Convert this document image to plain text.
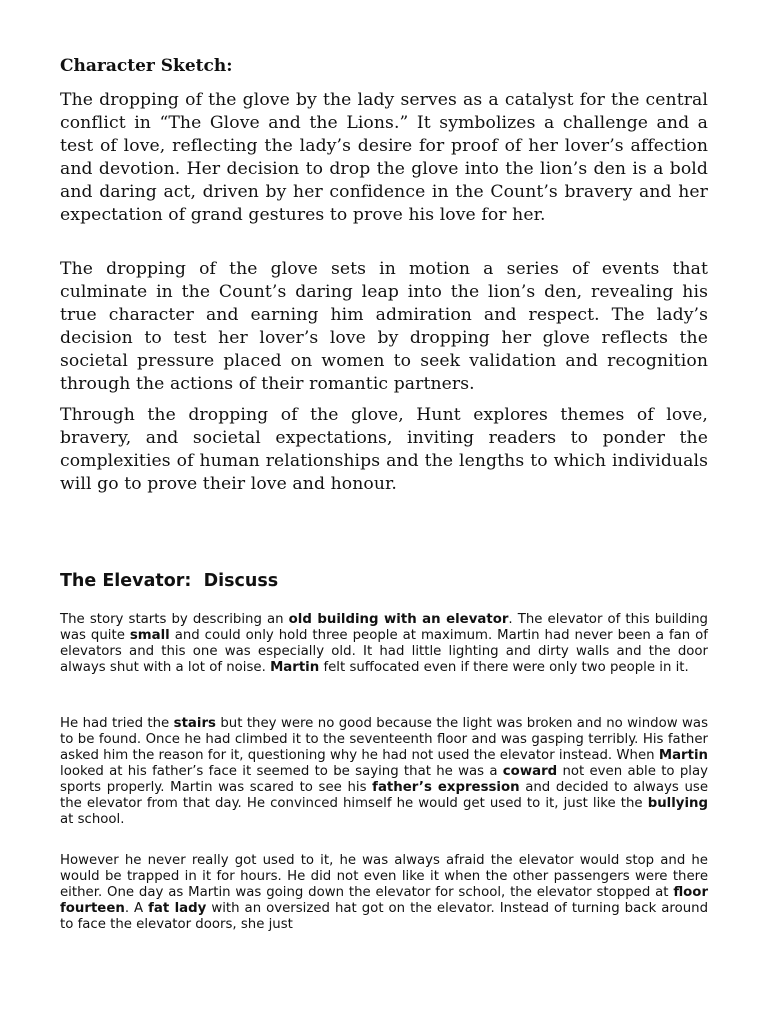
Character Sketch:

The dropping of the glove by the lady serves as a catalyst for the central conflict in “The Glove and the Lions.” It symbolizes a challenge and a test of love, reflecting the lady’s desire for proof of her lover’s affection and devotion. Her decision to drop the glove into the lion’s den is a bold and daring act, driven by her confidence in the Count’s bravery and her expectation of grand gestures to prove his love for her.

The dropping of the glove sets in motion a series of events that culminate in the Count’s daring leap into the lion’s den, revealing his true character and earning him admiration and respect. The lady’s decision to test her lover’s love by dropping her glove reflects the societal pressure placed on women to seek validation and recognition through the actions of their romantic partners.

Through the dropping of the glove, Hunt explores themes of love, bravery, and societal expectations, inviting readers to ponder the complexities of human relationships and the lengths to which individuals will go to prove their love and honour.

The Elevator:  Discuss

The story starts by describing an old building with an elevator. The elevator of this building was quite small and could only hold three people at maximum. Martin had never been a fan of elevators and this one was especially old. It had little lighting and dirty walls and the door always shut with a lot of noise. Martin felt suffocated even if there were only two people in it.

He had tried the stairs but they were no good because the light was broken and no window was to be found. Once he had climbed it to the seventeenth floor and was gasping terribly. His father asked him the reason for it, questioning why he had not used the elevator instead. When Martin looked at his father’s face it seemed to be saying that he was a coward not even able to play sports properly. Martin was scared to see his father’s expression and decided to always use the elevator from that day. He convinced himself he would get used to it, just like the bullying at school.

However he never really got used to it, he was always afraid the elevator would stop and he would be trapped in it for hours. He did not even like it when the other passengers were there either. One day as Martin was going down the elevator for school, the elevator stopped at floor fourteen. A fat lady with an oversized hat got on the elevator. Instead of turning back around to face the elevator doors, she just
